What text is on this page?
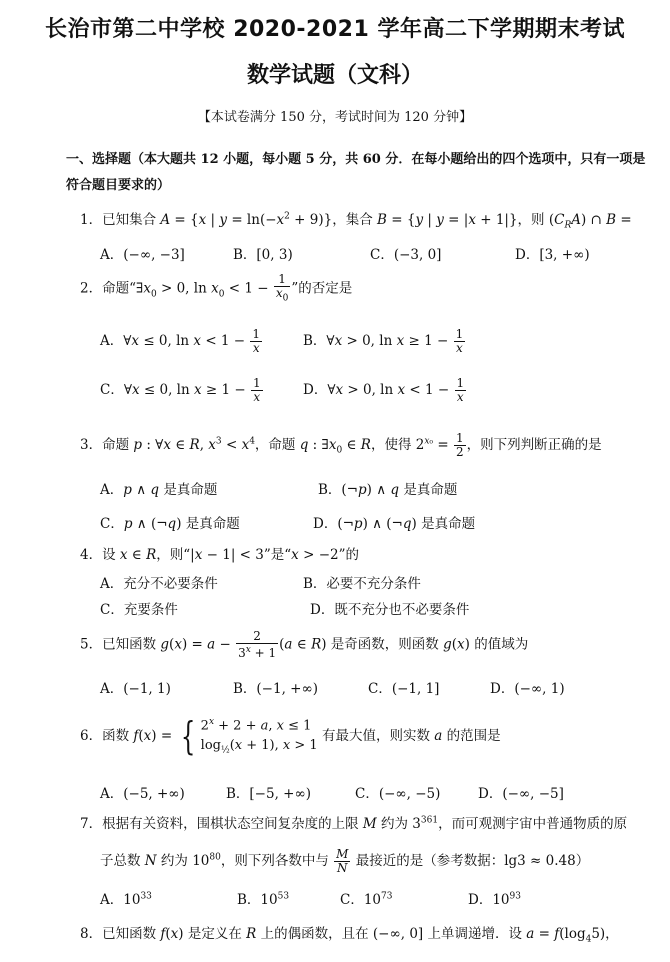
长治市第二中学校 2020-2021 学年高二下学期期末考试
数学试题（文科）
【本试卷满分 150 分，考试时间为 120 分钟】
一、选择题（本大题共 12 小题，每小题 5 分，共 60 分．在每小题给出的四个选项中，只有一项是符合题目要求的）
1．已知集合 A = {x | $y = \ln(-x^2 + 9)$}，集合 B = {y | y = |x + 1|}，则 $(C_RA)$ ∩ B =
A．(−∞, −3]	B．[0, 3)	C．(−3, 0]	D．[3, +∞)
2．命题“$\exists x_0 > 0$, $\ln x_0 < 1 - \frac{1}{x_0}$ ”的否定是
A．∀x ≤ 0, $\ln x < 1 - \frac{1}{x}$	B．∀x > 0, $\ln x \ge 1 - \frac{1}{x}$
C．∀x ≤ 0, $\ln x \ge 1 - \frac{1}{x}$	D．∀x > 0, $\ln x < 1 - \frac{1}{x}$
3．命题 p : ∀x ∈ R, $x^3 < x^4$，命题 q : $\exists x_0$ ∈ R，使得 $2^{x_0} = \frac{1}{2}$ ，则下列判断正确的是
A．p ∧ q 是真命题	B．(¬p) ∧ q 是真命题
C．p ∧ (¬q) 是真命题	D．(¬p) ∧ (¬q) 是真命题
4．设 x ∈ R，则“|x − 1| < 3”是“x > −2”的
A．充分不必要条件	B．必要不充分条件
C．充要条件	D．既不充分也不必要条件
5．已知函数 $g(x) = a - \frac{2}{3^x + 1} (a$ ∈ R) 是奇函数，则函数 g(x) 的值域为
A．(−1, 1)	B．(−1, +∞)	C．(−1, 1]	D．(−∞, 1)
6．函数 f(x) = { $2^x + 2 + a$, x ≤ 1
$\log_{\frac{1}{2}}(x + 1)$, x > 1 有最大值，则实数 a 的范围是
A．(−5, +∞)	B．[−5, +∞)	C．(−∞, −5)	D．(−∞, −5]
7．根据有关资料，围棋状态空间复杂度的上限 M 约为 $3^{361}$，而可观测宇宙中普通物质的原
子总数 N 约为 $10^{80}$，则下列各数中与 $\frac{M}{N}$ 最接近的是（参考数据：lg3 ≈ 0.48）
A．$10^{33}$	B．$10^{53}$	C．$10^{73}$	D．$10^{93}$
8．已知函数 f(x) 是定义在 R 上的偶函数，且在 (−∞, 0] 上单调递增．设 $a = f(\log_45)$，
